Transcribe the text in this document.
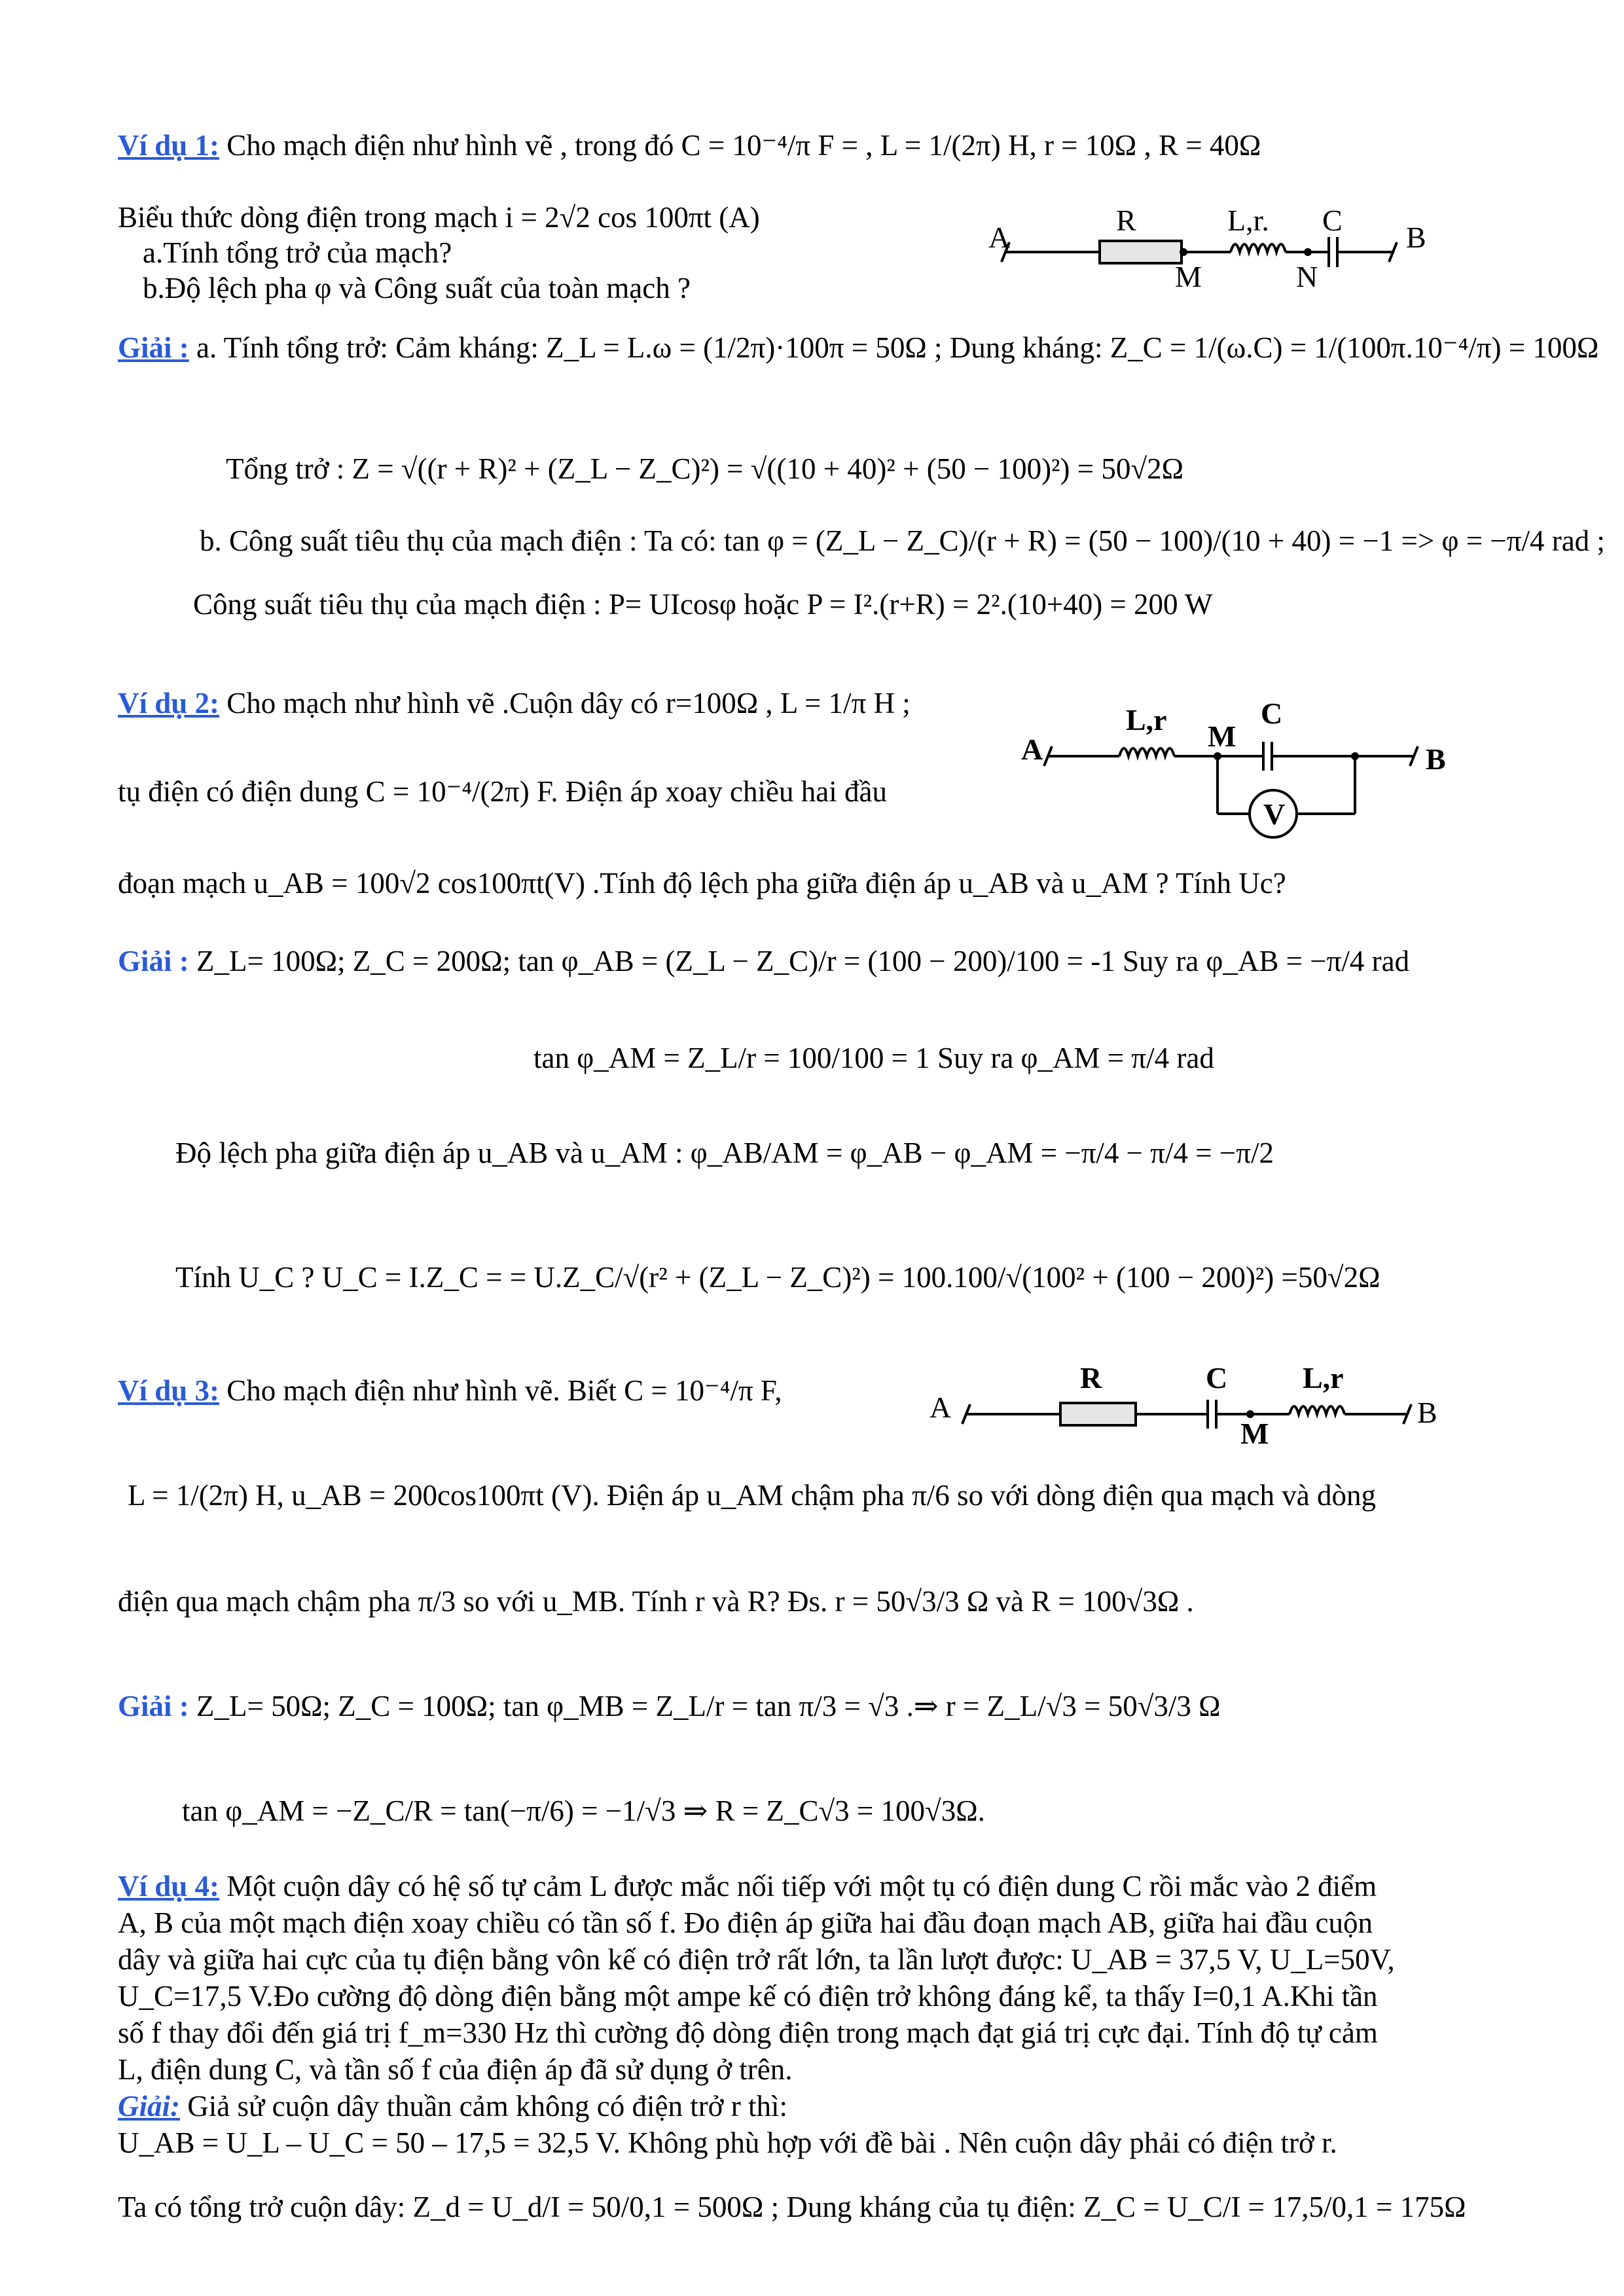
Ví dụ 1: Cho mạch điện như hình vẽ , trong đó C = 10⁻⁴/π F = , L = 1/(2π) H, r = 10Ω , R = 40Ω
Biểu thức dòng điện trong mạch i = 2√2 cos 100πt (A)
a.Tính tổng trở của mạch?
b.Độ lệch pha φ và Công suất của toàn mạch ?
A	B
R	L,r. C
M	N
Giải : a. Tính tổng trở: Cảm kháng: Z_L = L.ω = (1/2π)·100π = 50Ω ; Dung kháng: Z_C = 1/(ω.C) = 1/(100π.10⁻⁴/π) = 100Ω
Tổng trở : Z = √((r + R)² + (Z_L − Z_C)²) = √((10 + 40)² + (50 − 100)²) = 50√2Ω
b. Công suất tiêu thụ của mạch điện : Ta có: tan φ = (Z_L − Z_C)/(r + R) = (50 − 100)/(10 + 40) = −1 => φ = −π/4 rad ;
Công suất tiêu thụ của mạch điện : P= UIcosφ hoặc P = I².(r+R) = 2².(10+40) = 200 W
Ví dụ 2: Cho mạch như hình vẽ .Cuộn dây có r=100Ω , L = 1/π H ;
tụ điện có điện dung C = 10⁻⁴/(2π) F. Điện áp xoay chiều hai đầu
đoạn mạch u_AB = 100√2 cos100πt(V) .Tính độ lệch pha giữa điện áp u_AB và u_AM ? Tính Uc?
A	B
L,r M
C
V
Giải : Z_L= 100Ω; Z_C = 200Ω; tan φ_AB = (Z_L − Z_C)/r = (100 − 200)/100 = -1 Suy ra φ_AB = −π/4 rad
tan φ_AM = Z_L/r = 100/100 = 1 Suy ra φ_AM = π/4 rad
Độ lệch pha giữa điện áp u_AB và u_AM : φ_AB/AM = φ_AB − φ_AM = −π/4 − π/4 = −π/2
Tính U_C ? U_C = I.Z_C = = U.Z_C/√(r² + (Z_L − Z_C)²) = 100.100/√(100² + (100 − 200)²) =50√2Ω
Ví dụ 3: Cho mạch điện như hình vẽ. Biết C = 10⁻⁴/π F,	A	B
R	C L,r
M
L = 1/(2π) H, u_AB = 200cos100πt (V). Điện áp u_AM chậm pha π/6 so với dòng điện qua mạch và dòng
điện qua mạch chậm pha π/3 so với u_MB. Tính r và R? Đs. r = 50√3/3 Ω và R = 100√3Ω .
Giải : Z_L= 50Ω; Z_C = 100Ω; tan φ_MB = Z_L/r = tan π/3 = √3 .⇒ r = Z_L/√3 = 50√3/3 Ω
tan φ_AM = −Z_C/R = tan(−π/6) = −1/√3 ⇒ R = Z_C√3 = 100√3Ω.
Ví dụ 4: Một cuộn dây có hệ số tự cảm L được mắc nối tiếp với một tụ có điện dung C rồi mắc vào 2 điểm
A, B của một mạch điện xoay chiều có tần số f. Đo điện áp giữa hai đầu đoạn mạch AB, giữa hai đầu cuộn
dây và giữa hai cực của tụ điện bằng vôn kế có điện trở rất lớn, ta lần lượt được: U_AB = 37,5 V, U_L=50V,
U_C=17,5 V.Đo cường độ dòng điện bằng một ampe kế có điện trở không đáng kể, ta thấy I=0,1 A.Khi tần
số f thay đổi đến giá trị f_m=330 Hz thì cường độ dòng điện trong mạch đạt giá trị cực đại. Tính độ tự cảm
L, điện dung C, và tần số f của điện áp đã sử dụng ở trên.
Giải: Giả sử cuộn dây thuần cảm không có điện trở r thì:
U_AB = U_L – U_C = 50 – 17,5 = 32,5 V. Không phù hợp với đề bài . Nên cuộn dây phải có điện trở r.
Ta có tổng trở cuộn dây: Z_d = U_d/I = 50/0,1 = 500Ω ; Dung kháng của tụ điện: Z_C = U_C/I = 17,5/0,1 = 175Ω
